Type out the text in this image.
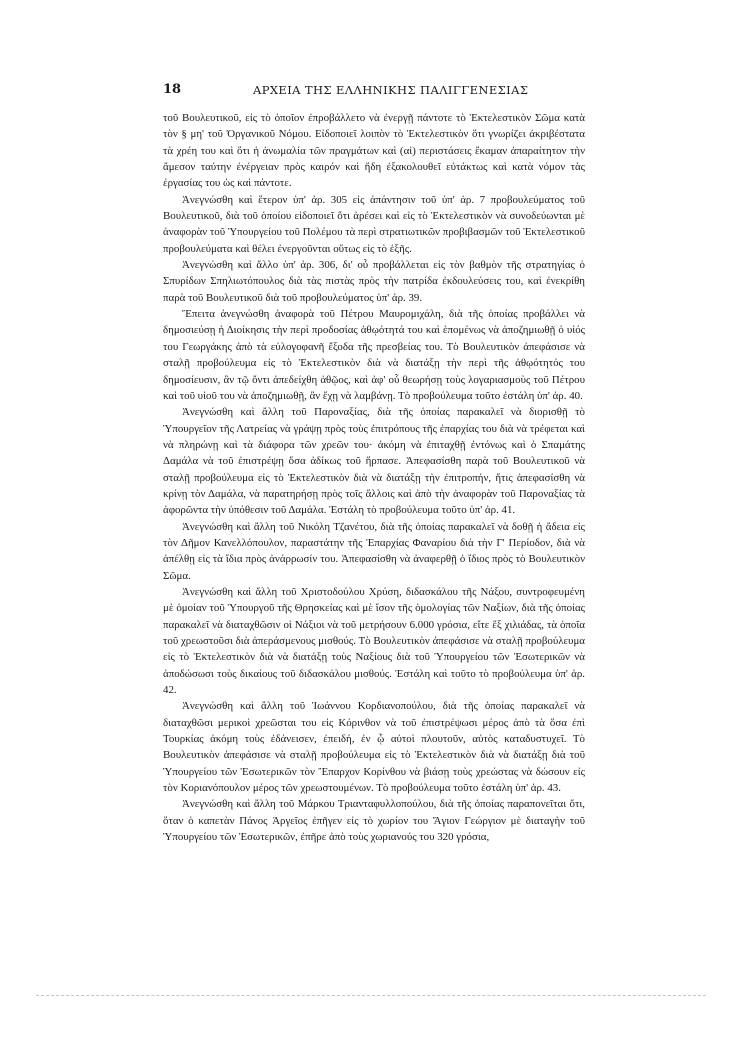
18	ΑΡΧΕΙΑ ΤΗΣ ΕΛΛΗΝΙΚΗΣ ΠΑΛΙΓΓΕΝΕΣΙΑΣ

τοῦ Βουλευτικοῦ, εἰς τὸ ὁποῖον ἐπροβάλλετο νὰ ἐνεργῇ πάντοτε τὸ Ἐκτελεστικὸν Σῶμα κατὰ τὸν § μη' τοῦ Ὀργανικοῦ Νόμου. Εἰδοποιεῖ λοιπὸν τὸ Ἐκτελεστικὸν ὅτι γνωρίζει ἀκριβέστατα τὰ χρέη του καὶ ὅτι ἡ ἀνωμαλία τῶν πραγμάτων καὶ (αἱ) περιστάσεις ἔκαμαν ἀπαραίτητον τὴν ἄμεσον ταύτην ἐνέργειαν πρὸς καιρόν καὶ ἤδη ἐξακολουθεῖ εὐτάκτως καὶ κατὰ νόμον τὰς ἐργασίας του ὡς καὶ πάντοτε.

Ἀνεγνώσθη καὶ ἕτερον ὑπ' ἀρ. 305 εἰς ἀπάντησιν τοῦ ὑπ' ἀρ. 7 προβουλεύματος τοῦ Βουλευτικοῦ, διὰ τοῦ ὁποίου εἰδοποιεῖ ὅτι ἀρέσει καὶ εἰς τὸ Ἐκτελεστικὸν νὰ συνοδεύωνται μὲ ἀναφορὰν τοῦ Ὑπουργείου τοῦ Πολέμου τὰ περὶ στρατιωτικῶν προβιβασμῶν τοῦ Ἐκτελεστικοῦ προβουλεύματα καὶ θέλει ἐνεργοῦνται οὕτως εἰς τὸ ἑξῆς.

Ἀνεγνώσθη καὶ ἄλλο ὑπ' ἀρ. 306, δι' οὗ προβάλλεται εἰς τὸν βαθμὸν τῆς στρατηγίας ὁ Σπυρίδων Σπηλιωτόπουλος διὰ τὰς πιστὰς πρὸς τὴν πατρίδα ἐκδουλεύσεις του, καὶ ἐνεκρίθη παρὰ τοῦ Βουλευτικοῦ διὰ τοῦ προβουλεύματος ὑπ' ἀρ. 39.

Ἔπειτα ἀνεγνώσθη ἀναφορὰ τοῦ Πέτρου Μαυρομιχάλη, διὰ τῆς ὁποίας προβάλλει νὰ δημοσιεύσῃ ἡ Διοίκησις τὴν περὶ προδοσίας ἀθῳότητά του καὶ ἑπομένως νὰ ἀποζημιωθῇ ὁ υἱός του Γεωργάκης ἀπὸ τὰ εὐλογοφανῆ ἔξοδα τῆς πρεσβείας του. Τὸ Βουλευτικὸν ἀπεφάσισε νὰ σταλῇ προβούλευμα εἰς τὸ Ἐκτελεστικὸν διὰ νὰ διατάξῃ τὴν περὶ τῆς ἀθῳότητός του δημοσίευσιν, ἂν τῷ ὄντι ἀπεδείχθη ἀθῷος, καὶ ἀφ' οὗ θεωρήσῃ τοὺς λογαριασμοὺς τοῦ Πέτρου καὶ τοῦ υἱοῦ του νὰ ἀποζημιωθῇ, ἂν ἔχῃ νὰ λαμβάνῃ. Τὸ προβούλευμα τοῦτο ἐστάλη ὑπ' ἀρ. 40.

Ἀνεγνώσθη καὶ ἄλλη τοῦ Παροναξίας, διὰ τῆς ὁποίας παρακαλεῖ νὰ διορισθῇ τὸ Ὑπουργεῖον τῆς Λατρείας νὰ γράψῃ πρὸς τοὺς ἐπιτρόπους τῆς ἐπαρχίας του διὰ νὰ τρέφεται καὶ νὰ πληρώνῃ καὶ τὰ διάφορα τῶν χρεῶν του· ἀκόμη νὰ ἐπιταχθῇ ἐντόνως καὶ ὁ Σπαμάτης Δαμάλα νὰ τοῦ ἐπιστρέψῃ ὅσα ἀδίκως τοῦ ἥρπασε. Ἀπεφασίσθη παρὰ τοῦ Βουλευτικοῦ νὰ σταλῇ προβούλευμα εἰς τὸ Ἐκτελεστικὸν διὰ νὰ διατάξῃ τὴν ἐπιτροπήν, ἥτις ἀπεφασίσθη νὰ κρίνῃ τὸν Δαμάλα, νὰ παρατηρήσῃ πρὸς τοῖς ἄλλοις καὶ ἀπὸ τὴν ἀναφορὰν τοῦ Παροναξίας τὰ ἀφορῶντα τὴν ὑπόθεσιν τοῦ Δαμάλα. Ἐστάλη τὸ προβούλευμα τοῦτο ὑπ' ἀρ. 41.

Ἀνεγνώσθη καὶ ἄλλη τοῦ Νικόλη Τζανέτου, διὰ τῆς ὁποίας παρακαλεῖ νὰ δοθῇ ἡ ἄδεια εἰς τὸν Δῆμον Κανελλόπουλον, παραστάτην τῆς Ἐπαρχίας Φαναρίου διὰ τὴν Γ' Περίοδον, διὰ νὰ ἀπέλθῃ εἰς τὰ ἴδια πρὸς ἀνάρρωσίν του. Ἀπεφασίσθη νὰ ἀναφερθῇ ὁ ἴδιος πρὸς τὸ Βουλευτικὸν Σῶμα.

Ἀνεγνώσθη καὶ ἄλλη τοῦ Χριστοδούλου Χρύση, διδασκάλου τῆς Νάξου, συντροφευμένη μὲ ὁμοίαν τοῦ Ὑπουργοῦ τῆς Θρησκείας καὶ μὲ ἴσον τῆς ὁμολογίας τῶν Ναξίων, διὰ τῆς ὁποίας παρακαλεῖ νὰ διαταχθῶσιν οἱ Νάξιοι νὰ τοῦ μετρήσουν 6.000 γρόσια, εἴτε ἕξ χιλιάδας, τὰ ὁποῖα τοῦ χρεωστοῦσι διὰ ἀπεράσμενους μισθούς. Τὸ Βουλευτικὸν ἀπεφάσισε νὰ σταλῇ προβούλευμα εἰς τὸ Ἐκτελεστικὸν διὰ νὰ διατάξῃ τοὺς Ναξίους διὰ τοῦ Ὑπουργείου τῶν Ἐσωτερικῶν νὰ ἀποδώσωσι τοὺς δικαίους τοῦ διδασκάλου μισθούς. Ἐστάλη καὶ τοῦτο τὸ προβούλευμα ὑπ' ἀρ. 42.

Ἀνεγνώσθη καὶ ἄλλη τοῦ Ἰωάννου Κορδιανοπούλου, διὰ τῆς ὁποίας παρακαλεῖ νὰ διαταχθῶσι μερικοὶ χρεῶσται του εἰς Κόρινθον νὰ τοῦ ἐπιστρέψωσι μέρος ἀπὸ τὰ ὅσα ἐπὶ Τουρκίας ἀκόμη τοὺς ἐδάνεισεν, ἐπειδή, ἐν ᾧ αὐτοὶ πλουτοῦν, αὐτὸς καταδυστυχεῖ. Τὸ Βουλευτικὸν ἀπεφάσισε νὰ σταλῇ προβούλευμα εἰς τὸ Ἐκτελεστικὸν διὰ νὰ διατάξῃ διὰ τοῦ Ὑπουργείου τῶν Ἐσωτερικῶν τὸν Ἔπαρχον Κορίνθου νὰ βιάσῃ τοὺς χρεώστας νὰ δώσουν εἰς τὸν Κοριανόπουλον μέρος τῶν χρεωστουμένων. Τὸ προβούλευμα τοῦτο ἐστάλη ὑπ' ἀρ. 43.

Ἀνεγνώσθη καὶ ἄλλη τοῦ Μάρκου Τριανταφυλλοπούλου, διὰ τῆς ὁποίας παραπονεῖται ὅτι, ὅταν ὁ καπετὰν Πάνος Ἀργεῖος ἐπῆγεν εἰς τὸ χωρίον του Ἅγιον Γεώργιον μὲ διαταγὴν τοῦ Ὑπουργείου τῶν Ἐσωτερικῶν, ἐπῆρε ἀπὸ τοὺς χωριανούς του 320 γρόσια,
